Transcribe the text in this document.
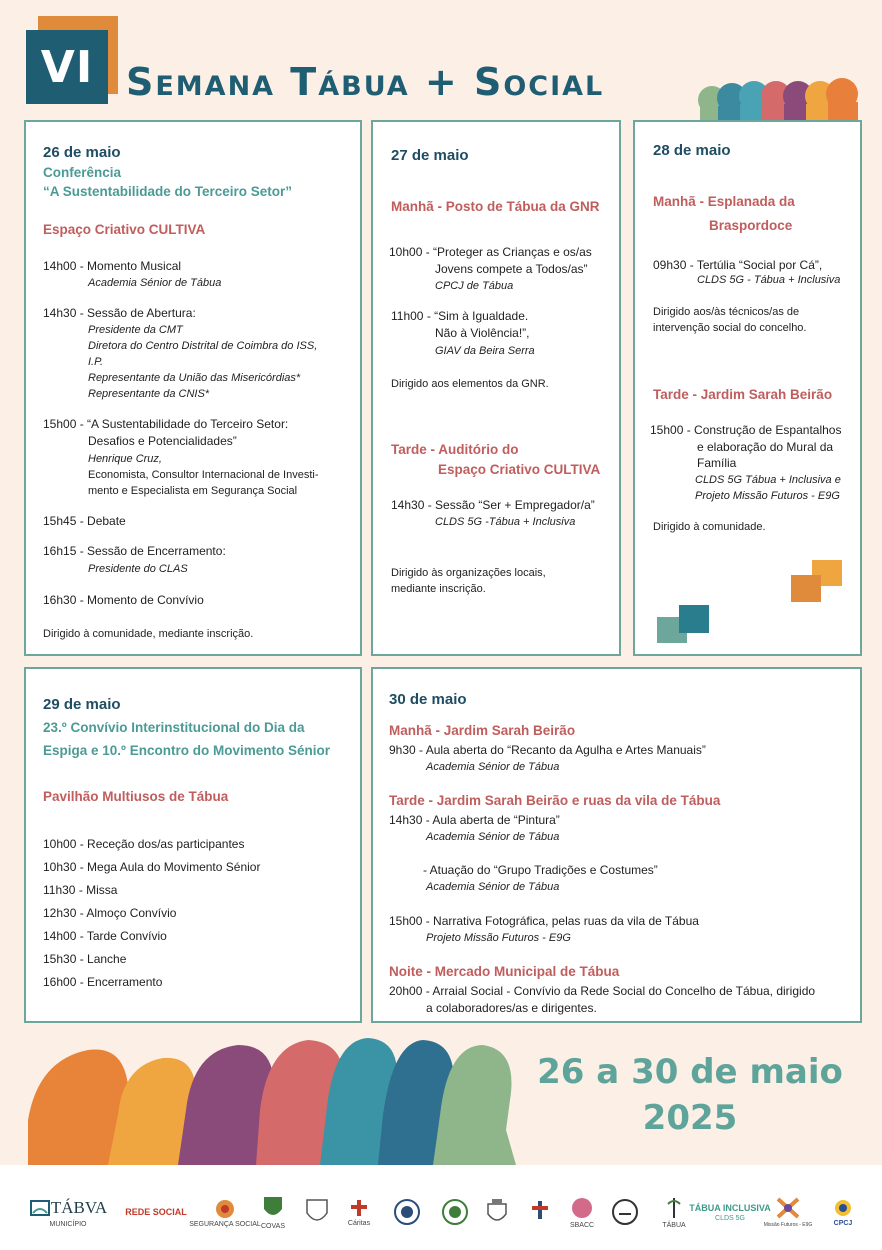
VI Semana Tábua + Social
26 de maio
Conferência
“A Sustentabilidade do Terceiro Setor”
Espaço Criativo CULTIVA
14h00 - Momento Musical
Academia Sénior de Tábua
14h30 - Sessão de Abertura:
Presidente da CMT
Diretora do Centro Distrital de Coimbra do ISS,
I.P.
Representante da União das Misericórdias*
Representante da CNIS*
15h00 - “A Sustentabilidade do Terceiro Setor:
Desafios e Potencialidades”
Henrique Cruz,
Economista, Consultor Internacional de Investi-
mento e Especialista em Segurança Social
15h45 - Debate
16h15 - Sessão de Encerramento:
Presidente do CLAS
16h30 - Momento de Convívio
Dirigido à comunidade, mediante inscrição.
27 de maio
Manhã - Posto de Tábua da GNR
10h00 - “Proteger as Crianças e os/as
Jovens compete a Todos/as”
CPCJ de Tábua
11h00 - “Sim à Igualdade.
Não à Violência!”,
GIAV da Beira Serra
Dirigido aos elementos da GNR.
Tarde - Auditório do
Espaço Criativo CULTIVA
14h30 - Sessão “Ser + Empregador/a”
CLDS 5G -Tábua + Inclusiva
Dirigido às organizações locais,
mediante inscrição.
28 de maio
Manhã - Esplanada da
Braspordoce
09h30 - Tertúlia “Social por Cá”,
CLDS 5G - Tábua + Inclusiva
Dirigido aos/às técnicos/as de
intervenção social do concelho.
Tarde - Jardim Sarah Beirão
15h00 - Construção de Espantalhos
e elaboração do Mural da
Família
CLDS 5G Tábua + Inclusiva e
Projeto Missão Futuros - E9G
Dirigido à comunidade.
29 de maio
23.º Convívio Interinstitucional do Dia da
Espiga e 10.º Encontro do Movimento Sénior
Pavilhão Multiusos de Tábua
10h00 - Receção dos/as participantes
10h30 - Mega Aula do Movimento Sénior
11h30 - Missa
12h30 - Almoço Convívio
14h00 - Tarde Convívio
15h30 - Lanche
16h00 - Encerramento
30 de maio
Manhã - Jardim Sarah Beirão
9h30 - Aula aberta do “Recanto da Agulha e Artes Manuais”
Academia Sénior de Tábua
Tarde - Jardim Sarah Beirão e ruas da vila de Tábua
14h30 - Aula aberta de “Pintura”
Academia Sénior de Tábua
- Atuação do “Grupo Tradições e Costumes”
Academia Sénior de Tábua
15h00 - Narrativa Fotográfica, pelas ruas da vila de Tábua
Projeto Missão Futuros - E9G
Noite - Mercado Municipal de Tábua
20h00 - Arraial Social - Convívio da Rede Social do Concelho de Tábua, dirigido
a colaboradores/as e dirigentes.
26 a 30 de maio
2025
TÁBVA
MUNICÍPIO
REDE SOCIAL
SEGURANÇA SOCIAL COVAS	Cáritas	SBACC	TÁBUA
TÁBUA INCLUSIVA
CLDS 5G
Missão Futuros - E9G	CPCJ
